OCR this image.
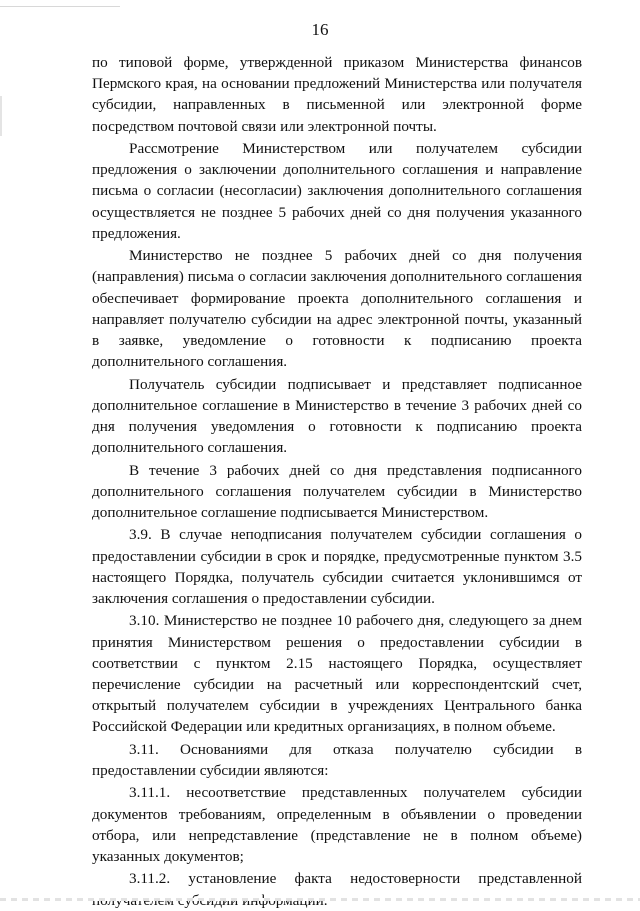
16

по типовой форме, утвержденной приказом Министерства финансов Пермского края, на основании предложений Министерства или получателя субсидии, направленных в письменной или электронной форме посредством почтовой связи или электронной почты.

Рассмотрение Министерством или получателем субсидии предложения о заключении дополнительного соглашения и направление письма о согласии (несогласии) заключения дополнительного соглашения осуществляется не позднее 5 рабочих дней со дня получения указанного предложения.

Министерство не позднее 5 рабочих дней со дня получения (направления) письма о согласии заключения дополнительного соглашения обеспечивает формирование проекта дополнительного соглашения и направляет получателю субсидии на адрес электронной почты, указанный в заявке, уведомление о готовности к подписанию проекта дополнительного соглашения.

Получатель субсидии подписывает и представляет подписанное дополнительное соглашение в Министерство в течение 3 рабочих дней со дня получения уведомления о готовности к подписанию проекта дополнительного соглашения.

В течение 3 рабочих дней со дня представления подписанного дополнительного соглашения получателем субсидии в Министерство дополнительное соглашение подписывается Министерством.

3.9. В случае неподписания получателем субсидии соглашения о предоставлении субсидии в срок и порядке, предусмотренные пунктом 3.5 настоящего Порядка, получатель субсидии считается уклонившимся от заключения соглашения о предоставлении субсидии.

3.10. Министерство не позднее 10 рабочего дня, следующего за днем принятия Министерством решения о предоставлении субсидии в соответствии с пунктом 2.15 настоящего Порядка, осуществляет перечисление субсидии на расчетный или корреспондентский счет, открытый получателем субсидии в учреждениях Центрального банка Российской Федерации или кредитных организациях, в полном объеме.

3.11. Основаниями для отказа получателю субсидии в предоставлении субсидии являются:

3.11.1. несоответствие представленных получателем субсидии документов требованиям, определенным в объявлении о проведении отбора, или непредставление (представление не в полном объеме) указанных документов;

3.11.2. установление факта недостоверности представленной
